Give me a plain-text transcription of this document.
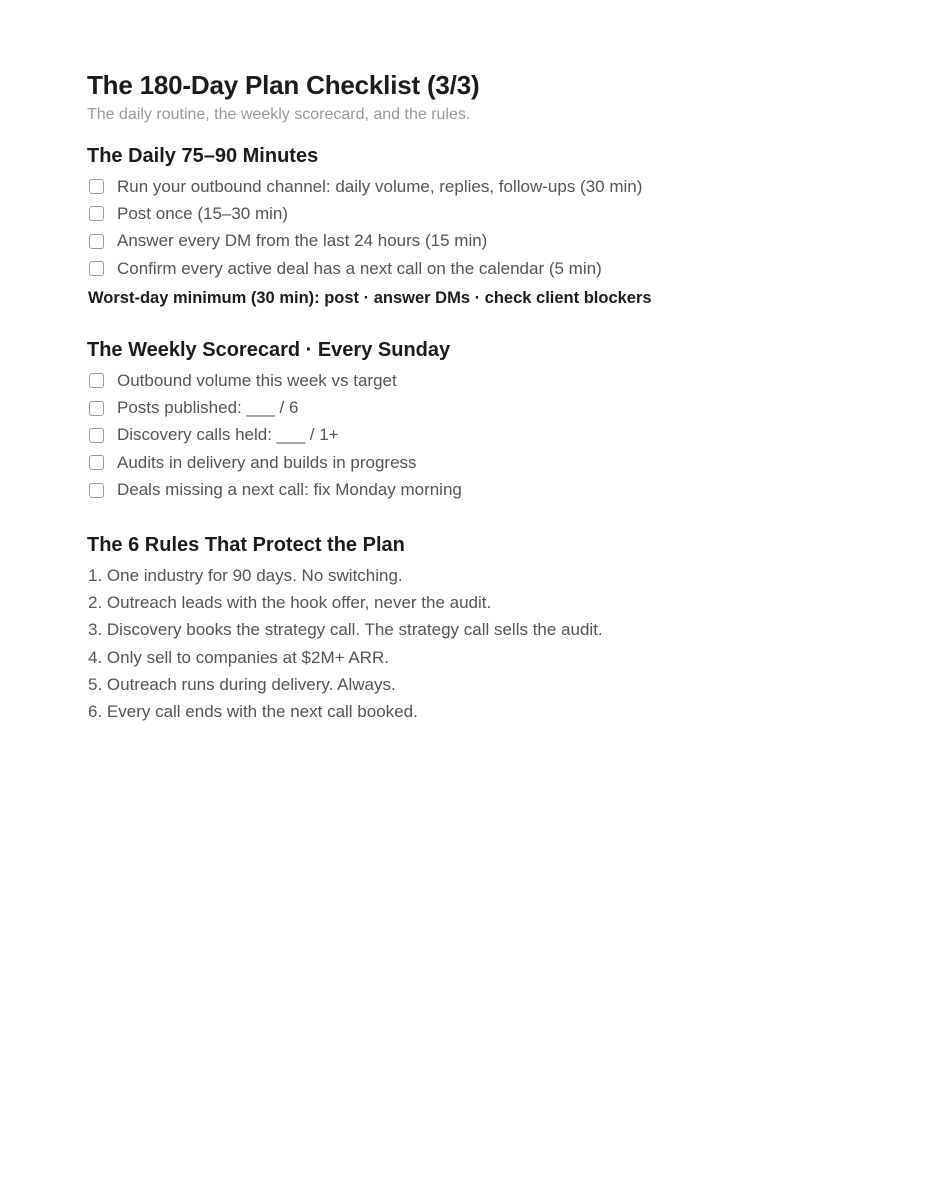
The 180-Day Plan Checklist (3/3)

The daily routine, the weekly scorecard, and the rules.

The Daily 75–90 Minutes
Run your outbound channel: daily volume, replies, follow-ups (30 min)
Post once (15–30 min)
Answer every DM from the last 24 hours (15 min)
Confirm every active deal has a next call on the calendar (5 min)

Worst-day minimum (30 min): post · answer DMs · check client blockers

The Weekly Scorecard · Every Sunday
Outbound volume this week vs target
Posts published: ___ / 6
Discovery calls held: ___ / 1+
Audits in delivery and builds in progress
Deals missing a next call: fix Monday morning
The 6 Rules That Protect the Plan
1. One industry for 90 days. No switching.
2. Outreach leads with the hook offer, never the audit.
3. Discovery books the strategy call. The strategy call sells the audit.
4. Only sell to companies at $2M+ ARR.
5. Outreach runs during delivery. Always.
6. Every call ends with the next call booked.
